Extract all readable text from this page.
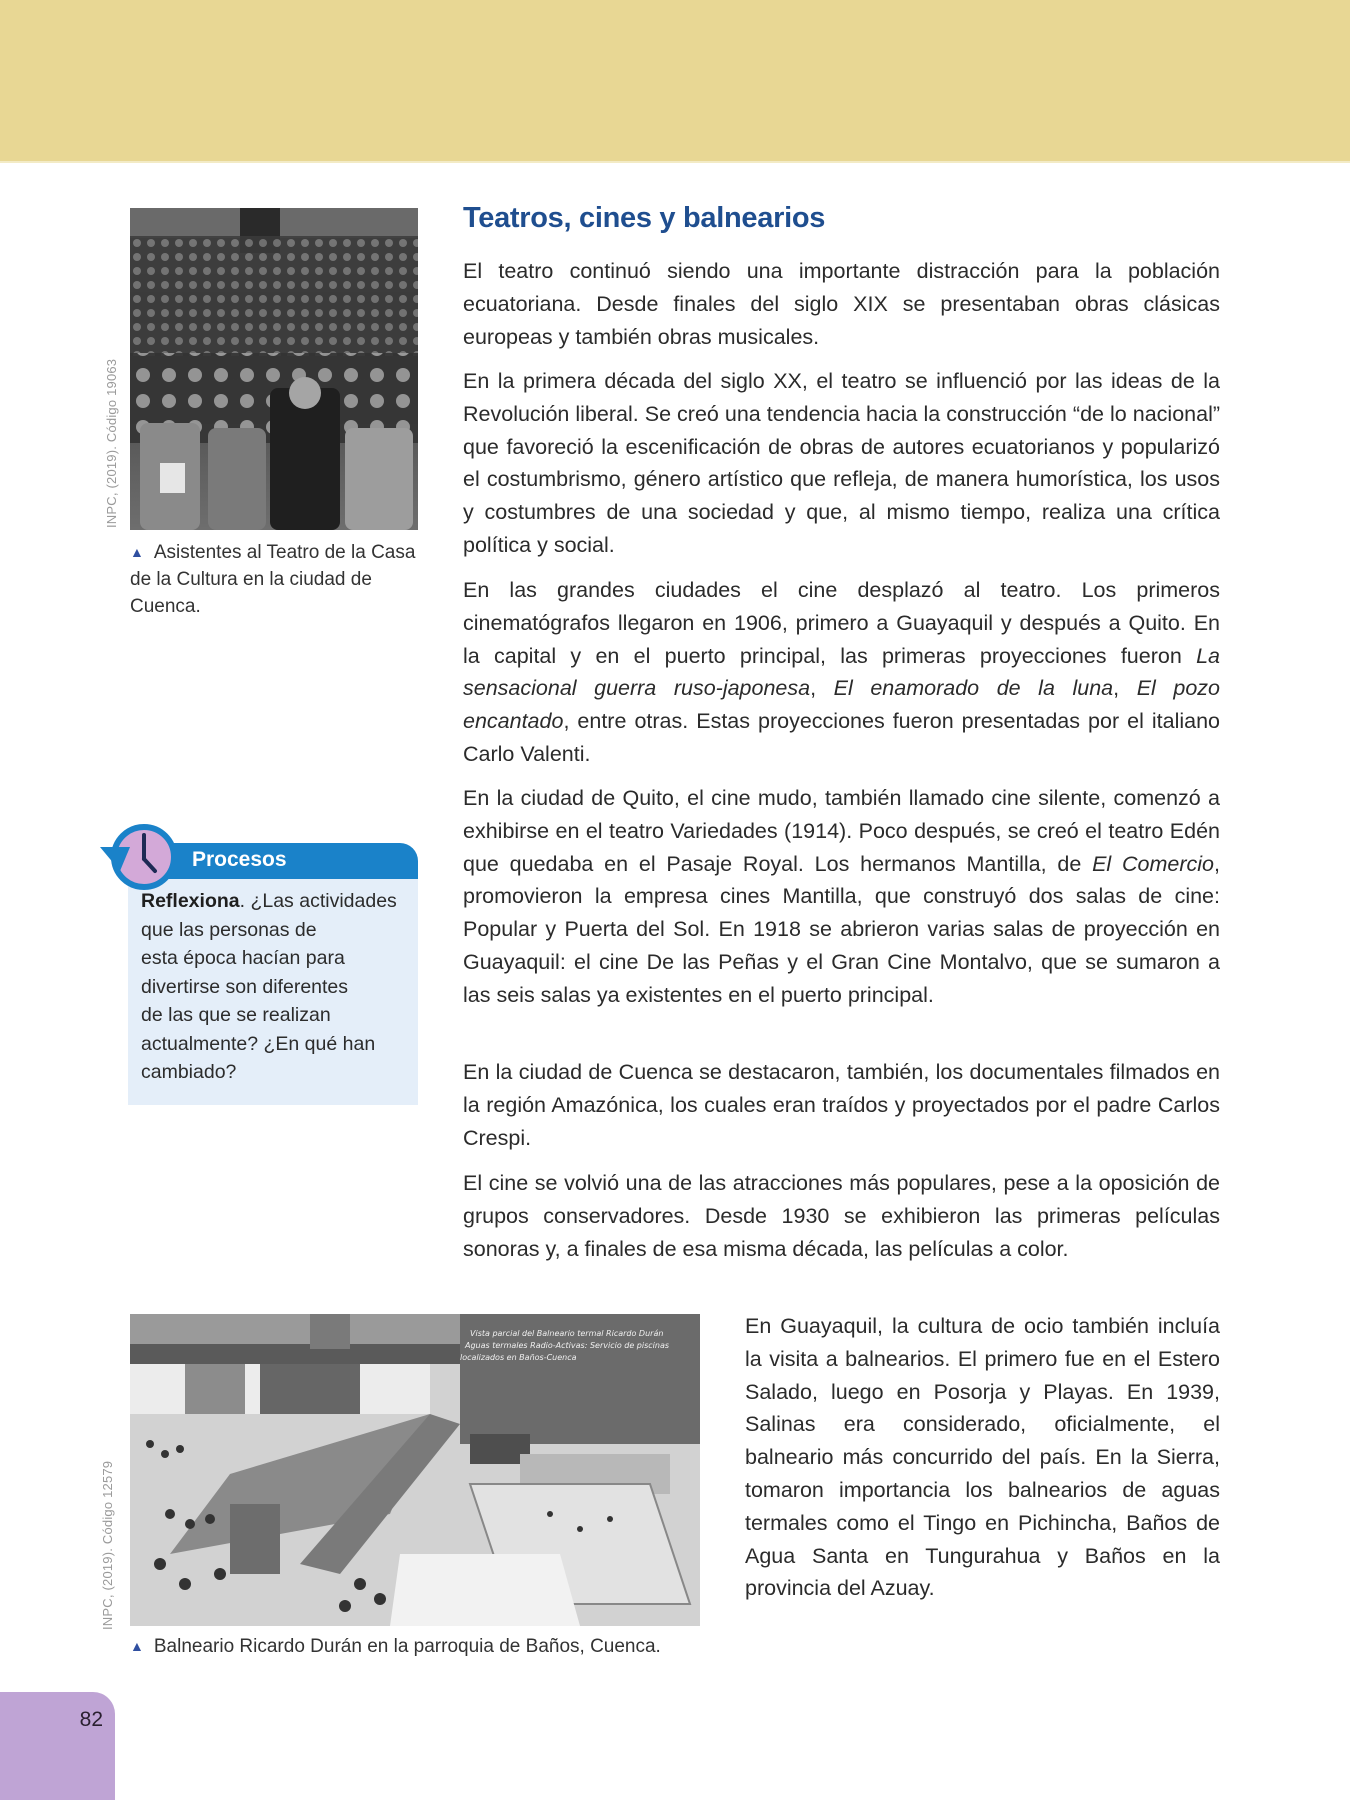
INPC, (2019). Código 19063
▲ Asistentes al Teatro de la Casa de la Cultura en la ciudad de Cuenca.
Procesos
Reflexiona. ¿Las actividades
que las personas de
esta época hacían para
divertirse son diferentes
de las que se realizan
actualmente? ¿En qué han
cambiado?
INPC, (2019). Código 12579
Vista parcial del Balneario termal Ricardo Durán
Aguas termales Radio-Activas: Servicio de piscinas
localizados en Baños-Cuenca
▲ Balneario Ricardo Durán en la parroquia de Baños, Cuenca.
Teatros, cines y balnearios

El teatro continuó siendo una importante distracción para la población ecuatoriana. Desde finales del siglo XIX se presentaban obras clásicas europeas y también obras musicales.

En la primera década del siglo XX, el teatro se influenció por las ideas de la Revolución liberal. Se creó una tendencia hacia la construcción “de lo nacional” que favoreció la escenificación de obras de autores ecuatorianos y popularizó el costumbrismo, género artístico que refleja, de manera humorística, los usos y costumbres de una sociedad y que, al mismo tiempo, realiza una crítica política y social.

En las grandes ciudades el cine desplazó al teatro. Los primeros cinematógrafos llegaron en 1906, primero a Guayaquil y después a Quito. En la capital y en el puerto principal, las primeras proyecciones fueron La sensacional guerra ruso-japonesa, El enamorado de la luna, El pozo encantado, entre otras. Estas proyecciones fueron presentadas por el italiano Carlo Valenti.

En la ciudad de Quito, el cine mudo, también llamado cine silente, comenzó a exhibirse en el teatro Variedades (1914). Poco después, se creó el teatro Edén que quedaba en el Pasaje Royal. Los hermanos Mantilla, de El Comercio, promovieron la empresa cines Mantilla, que construyó dos salas de cine: Popular y Puerta del Sol. En 1918 se abrieron varias salas de proyección en Guayaquil: el cine De las Peñas y el Gran Cine Montalvo, que se sumaron a las seis salas ya existentes en el puerto principal.

En la ciudad de Cuenca se destacaron, también, los documentales filmados en la región Amazónica, los cuales eran traídos y proyectados por el padre Carlos Crespi.

El cine se volvió una de las atracciones más populares, pese a la oposición de grupos conservadores. Desde 1930 se exhibieron las primeras películas sonoras y, a finales de esa misma década, las películas a color.

En Guayaquil, la cultura de ocio también incluía la visita a balnearios. El primero fue en el Estero Salado, luego en Posorja y Playas. En 1939, Salinas era considerado, oficialmente, el balneario más concurrido del país. En la Sierra, tomaron importancia los balnearios de aguas termales como el Tingo en Pichincha, Baños de Agua Santa en Tungurahua y Baños en la provincia del Azuay.

82
